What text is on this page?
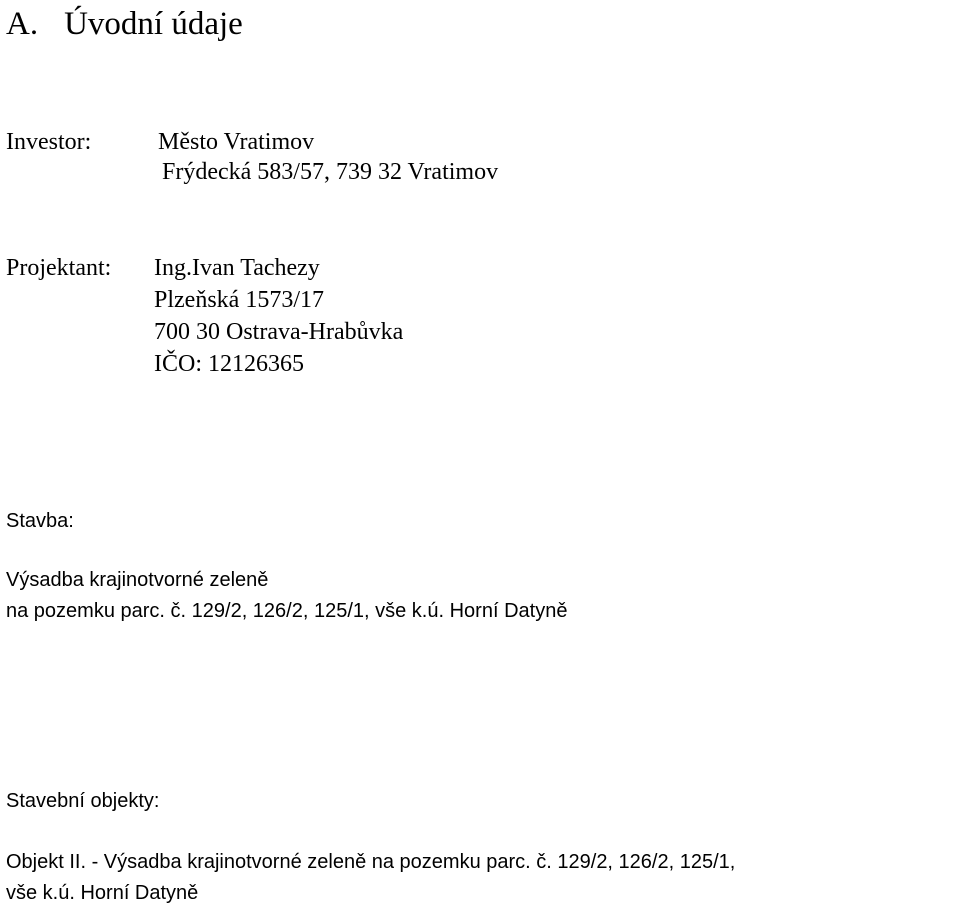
A. Úvodní údaje
Investor:	Město Vratimov
Frýdecká 583/57, 739 32 Vratimov
Projektant: Ing.Ivan Tachezy
Plzeňská 1573/17
700 30 Ostrava-Hrabůvka
IČO: 12126365
Stavba:
Výsadba krajinotvorné zeleně
na pozemku parc. č. 129/2, 126/2, 125/1, vše k.ú. Horní Datyně
Stavební objekty:
Objekt II. - Výsadba krajinotvorné zeleně na pozemku parc. č. 129/2, 126/2, 125/1,
vše k.ú. Horní Datyně
